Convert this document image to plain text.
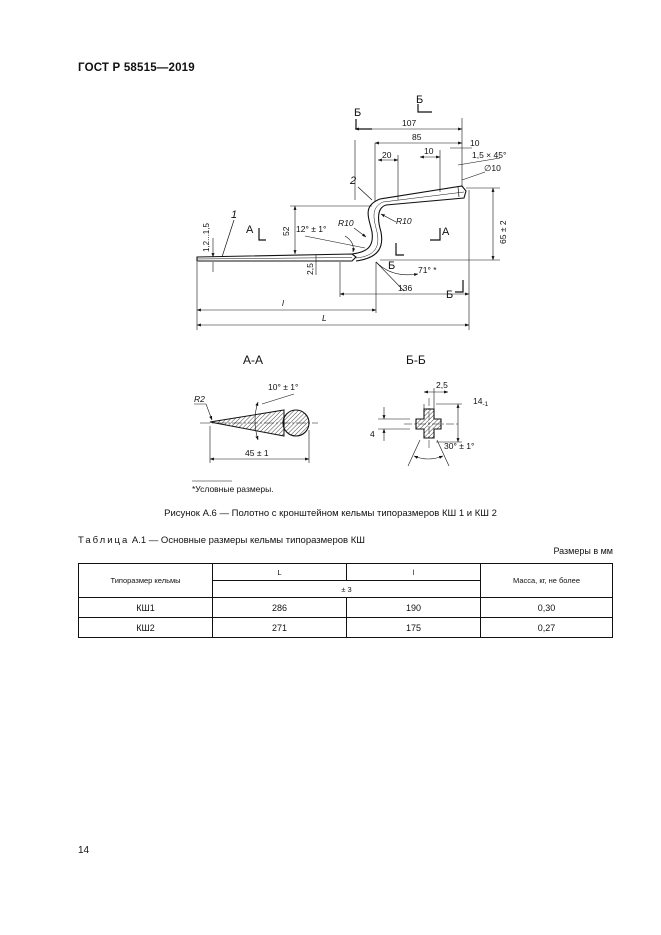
ГОСТ Р 58515—2019
Б
Б
А	А
Б
Б
1
2
107
85
20	10
10
1,5 × 45°
∅10
65 ± 2
52
1,2...1,5	12° ± 1°
R10	R10
2,5	71° *
136
l
L
А-А
R2
10° ± 1°
45 ± 1
*Условные размеры.
Б-Б
2,5
$14_{-1}$
4
30° ± 1°
Рисунок А.6 — Полотно с кронштейном кельмы типоразмеров КШ 1 и КШ 2
Таблица А.1 — Основные размеры кельмы типоразмеров КШ
Размеры в мм
Типоразмер кельмы	L	l	Масса, кг, не более
	± 3		
КШ1	286	190	0,30
КШ2	271	175	0,27
14
